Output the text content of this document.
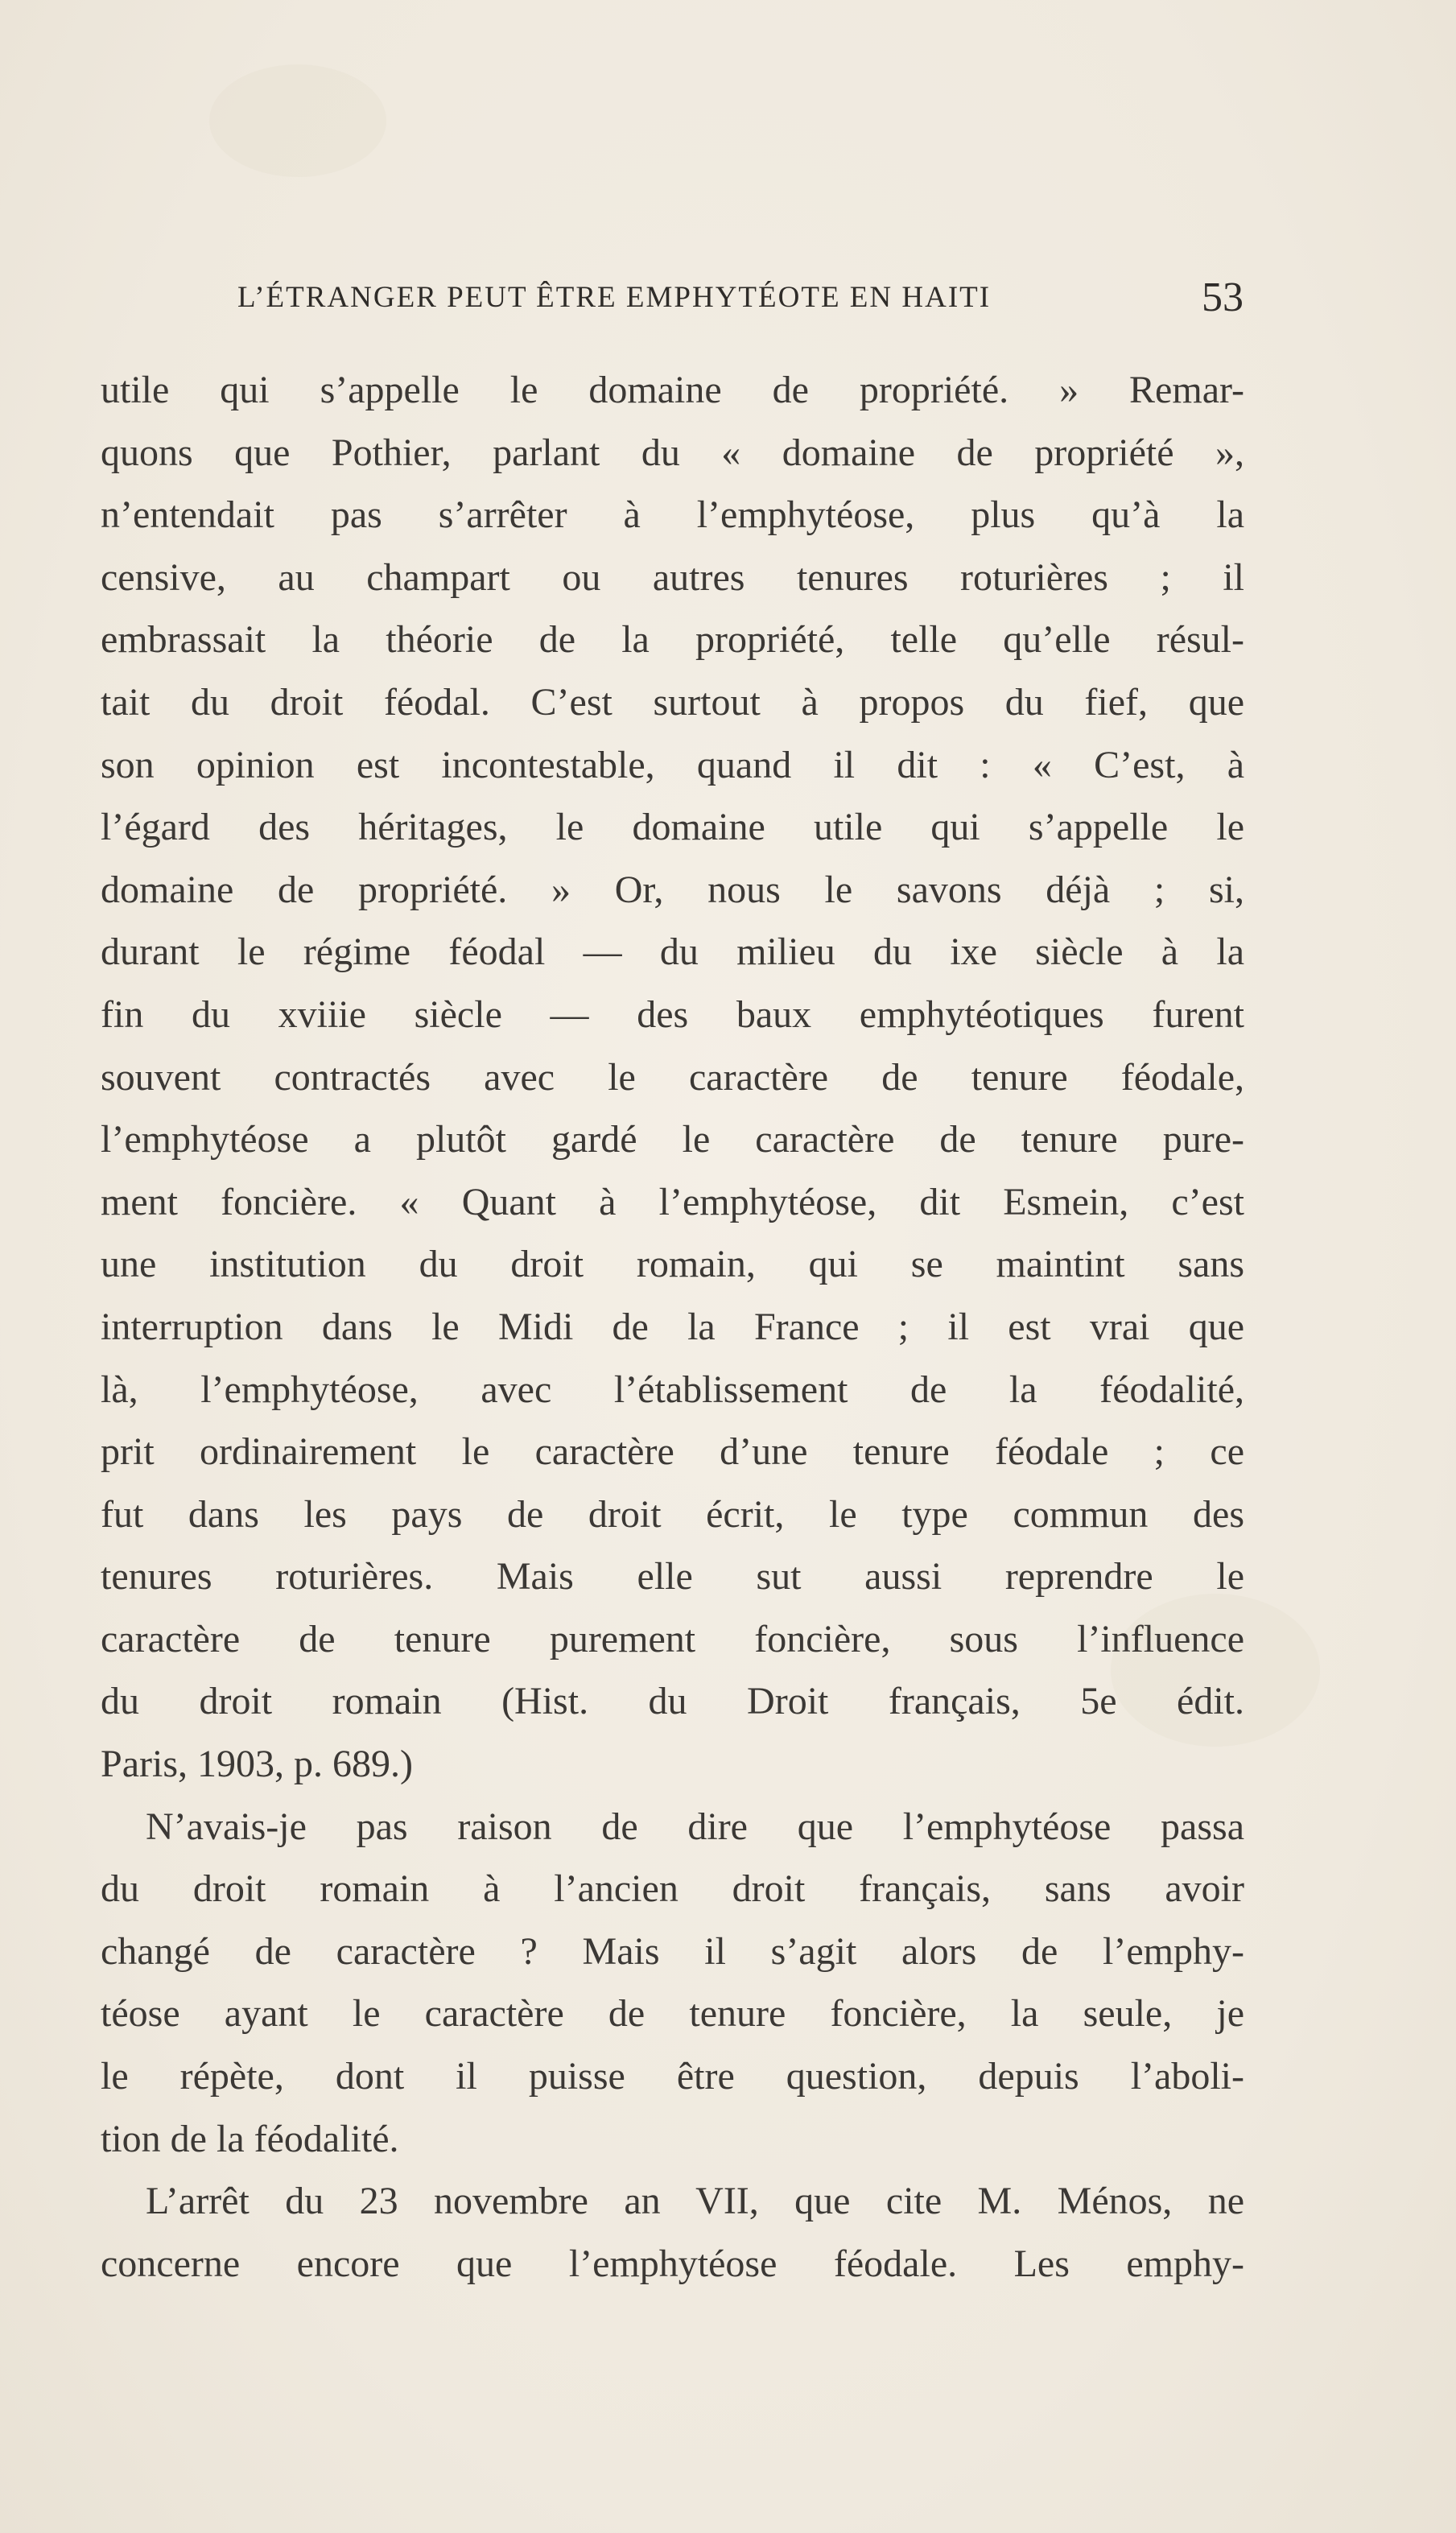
L’ÉTRANGER PEUT ÊTRE EMPHYTÉOTE EN HAITI	53
utile qui s’appelle le domaine de propriété. » Remar-
quons que Pothier, parlant du « domaine de propriété »,
n’entendait pas s’arrêter à l’emphytéose, plus qu’à la
censive, au champart ou autres tenures roturières ; il
embrassait la théorie de la propriété, telle qu’elle résul-
tait du droit féodal. C’est surtout à propos du fief, que
son opinion est incontestable, quand il dit : « C’est, à
l’égard des héritages, le domaine utile qui s’appelle le
domaine de propriété. » Or, nous le savons déjà ; si,
durant le régime féodal — du milieu du ixe siècle à la
fin du xviiie siècle — des baux emphytéotiques furent
souvent contractés avec le caractère de tenure féodale,
l’emphytéose a plutôt gardé le caractère de tenure pure-
ment foncière. « Quant à l’emphytéose, dit Esmein, c’est
une institution du droit romain, qui se maintint sans
interruption dans le Midi de la France ; il est vrai que
là, l’emphytéose, avec l’établissement de la féodalité,
prit ordinairement le caractère d’une tenure féodale ; ce
fut dans les pays de droit écrit, le type commun des
tenures roturières. Mais elle sut aussi reprendre le
caractère de tenure purement foncière, sous l’influence
du droit romain (Hist. du Droit français, 5e édit.
Paris, 1903, p. 689.)
N’avais-je pas raison de dire que l’emphytéose passa
du droit romain à l’ancien droit français, sans avoir
changé de caractère ? Mais il s’agit alors de l’emphy-
téose ayant le caractère de tenure foncière, la seule, je
le répète, dont il puisse être question, depuis l’aboli-
tion de la féodalité.
L’arrêt du 23 novembre an VII, que cite M. Ménos, ne
concerne encore que l’emphytéose féodale. Les emphy-
